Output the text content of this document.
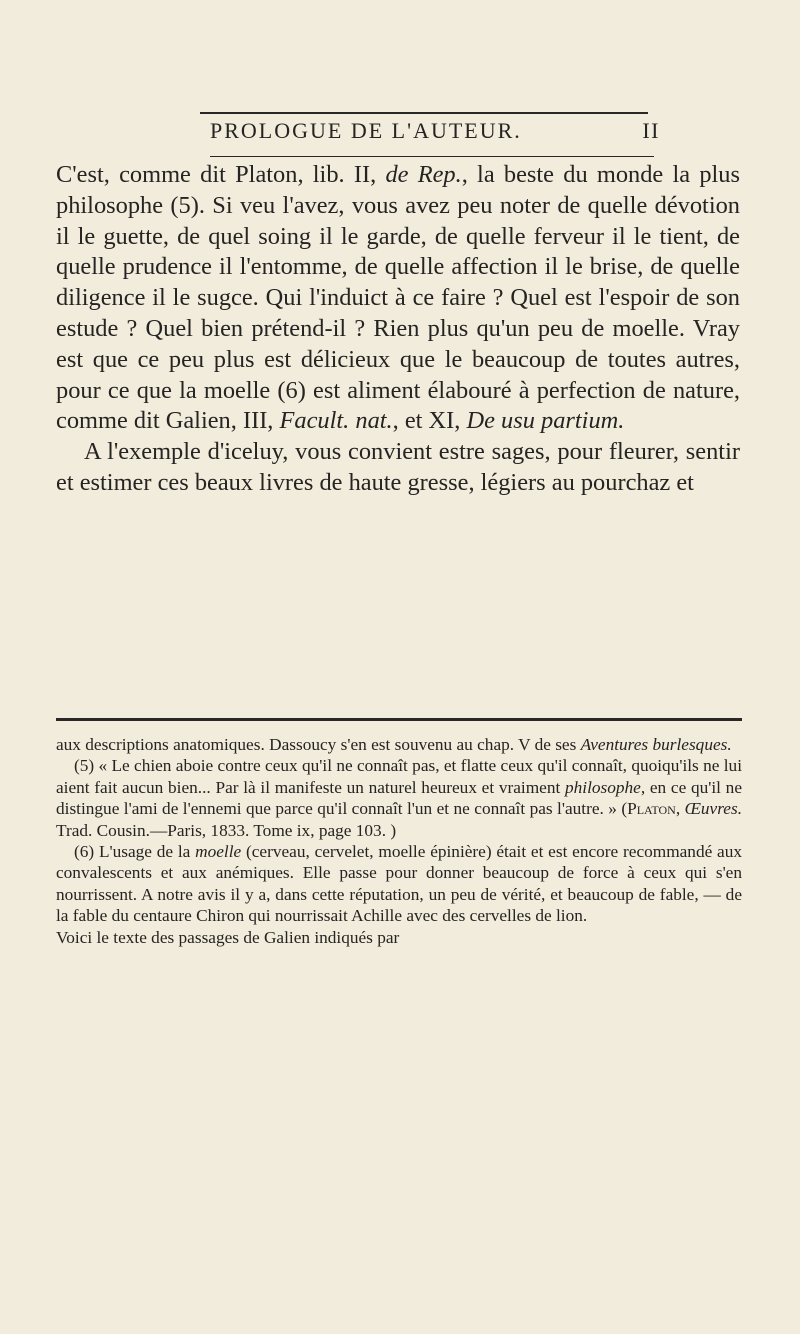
PROLOGUE DE L'AUTEUR.	II

C'est, comme dit Platon, lib. II, de Rep., la beste du monde la plus philosophe (5). Si veu l'avez, vous avez peu noter de quelle dévotion il le guette, de quel soing il le garde, de quelle ferveur il le tient, de quelle prudence il l'entomme, de quelle affection il le brise, de quelle diligence il le sugce. Qui l'induict à ce faire ? Quel est l'espoir de son estude ? Quel bien prétend-il ? Rien plus qu'un peu de moelle. Vray est que ce peu plus est délicieux que le beaucoup de toutes autres, pour ce que la moelle (6) est aliment élabouré à perfection de nature, comme dit Galien, III, Facult. nat., et XI, De usu partium.

A l'exemple d'iceluy, vous convient estre sages, pour fleurer, sentir et estimer ces beaux livres de haute gresse, légiers au pourchaz et

aux descriptions anatomiques. Dassoucy s'en est souvenu au chap. V de ses Aventures burlesques.

(5) « Le chien aboie contre ceux qu'il ne connaît pas, et flatte ceux qu'il connaît, quoiqu'ils ne lui aient fait aucun bien... Par là il manifeste un naturel heureux et vraiment philosophe, en ce qu'il ne distingue l'ami de l'ennemi que parce qu'il connaît l'un et ne connaît pas l'autre. » (Platon, Œuvres. Trad. Cousin.—Paris, 1833. Tome ix, page 103. )

(6) L'usage de la moelle (cerveau, cervelet, moelle épinière) était et est encore recommandé aux convalescents et aux anémiques. Elle passe pour donner beaucoup de force à ceux qui s'en nourrissent. A notre avis il y a, dans cette réputation, un peu de vérité, et beaucoup de fable, — de la fable du centaure Chiron qui nourrissait Achille avec des cervelles de lion.

Voici le texte des passages de Galien indiqués par
